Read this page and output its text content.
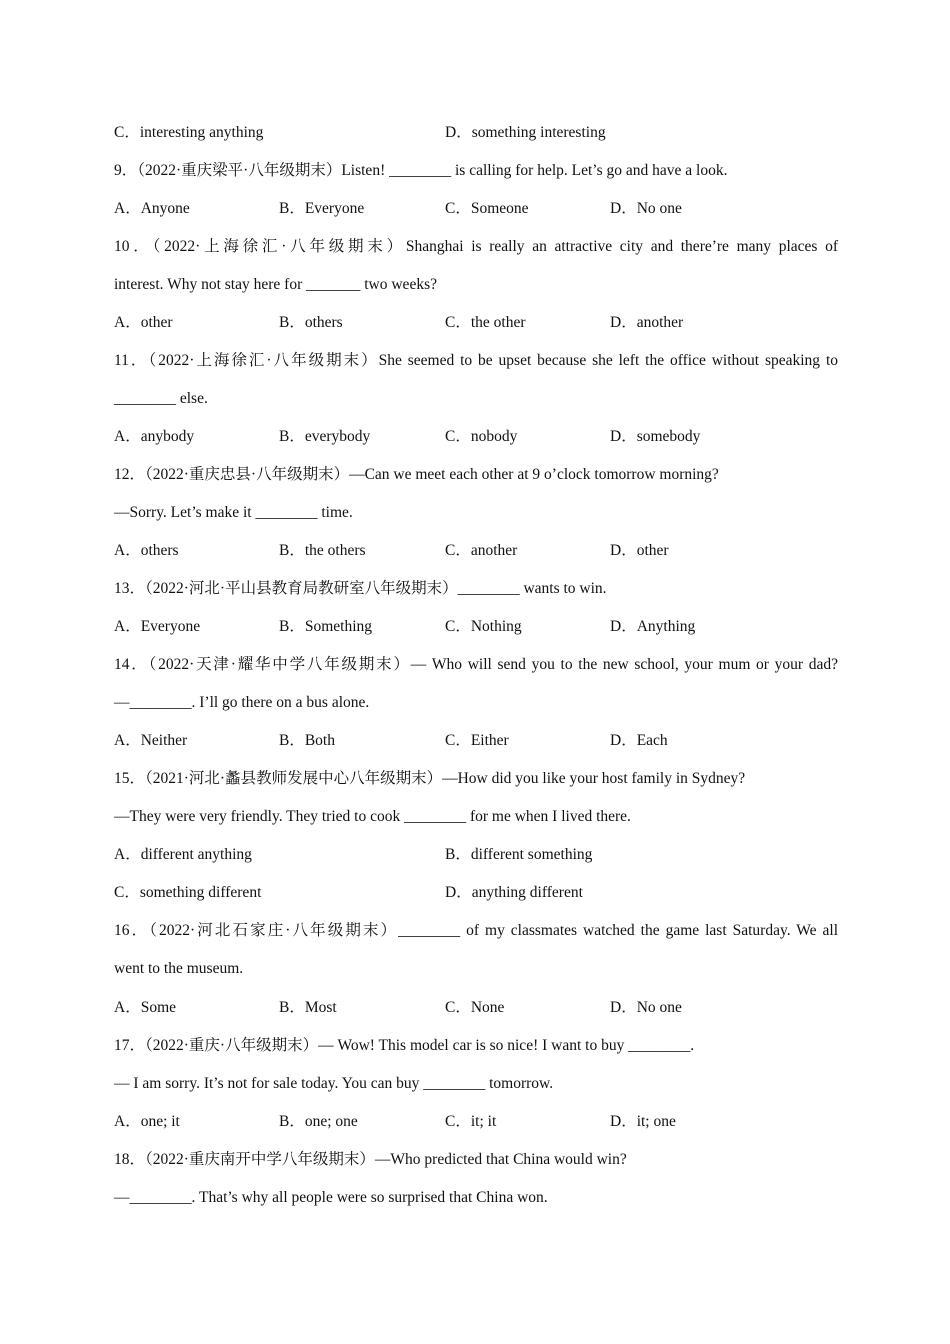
C．interesting anything	D．something interesting
9．（2022·重庆梁平·八年级期末）Listen! ________ is calling for help. Let’s go and have a look.
A．Anyone	B．Everyone	C．Someone	D．No one
10．（2022·上海徐汇·八年级期末）Shanghai is really an attractive city and there’re many places of
interest. Why not stay here for _______ two weeks?
A．other	B．others	C．the other	D．another
11．（2022·上海徐汇·八年级期末）She seemed to be upset because she left the office without speaking to
________ else.
A．anybody	B．everybody	C．nobody	D．somebody
12．（2022·重庆忠县·八年级期末）—Can we meet each other at 9 o’clock tomorrow morning?
—Sorry. Let’s make it ________ time.
A．others	B．the others	C．another	D．other
13．（2022·河北·平山县教育局教研室八年级期末）________ wants to win.
A．Everyone	B．Something	C．Nothing	D．Anything
14．（2022·天津·耀华中学八年级期末）— Who will send you to the new school, your mum or your dad?
—________. I’ll go there on a bus alone.
A．Neither	B．Both	C．Either	D．Each
15．（2021·河北·蠡县教师发展中心八年级期末）—How did you like your host family in Sydney?
—They were very friendly. They tried to cook ________ for me when I lived there.
A．different anything	B．different something
C．something different	D．anything different
16．（2022·河北石家庄·八年级期末）________ of my classmates watched the game last Saturday. We all
went to the museum.
A．Some	B．Most	C．None	D．No one
17．（2022·重庆·八年级期末）— Wow! This model car is so nice! I want to buy ________.
— I am sorry. It’s not for sale today. You can buy ________ tomorrow.
A．one; it	B．one; one	C．it; it	D．it; one
18．（2022·重庆南开中学八年级期末）—Who predicted that China would win?
—________. That’s why all people were so surprised that China won.
